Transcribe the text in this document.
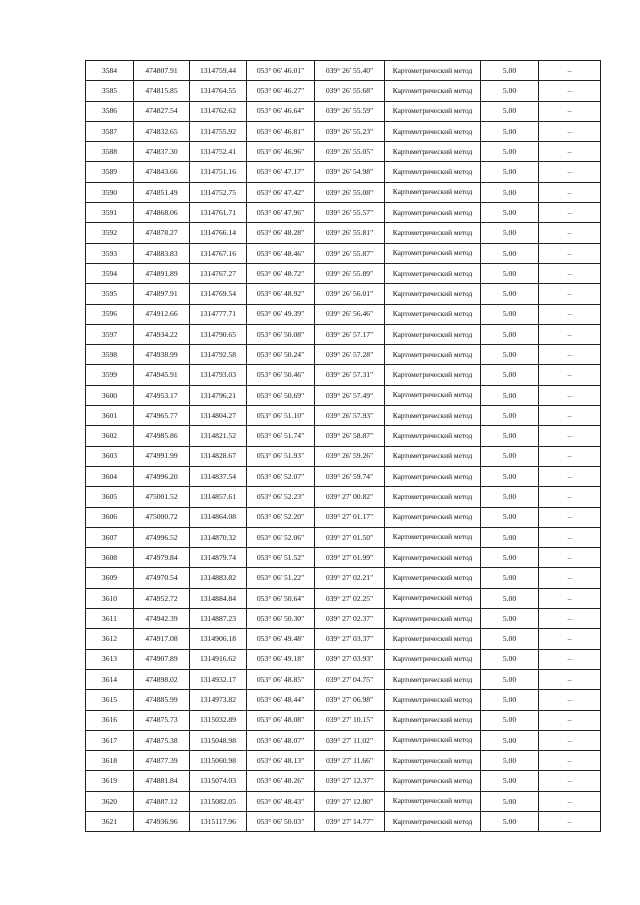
3584	474807.91	1314759.44	053° 06' 46.01"	039° 26' 55.40"	Картометрический метод	5.00	–
3585	474815.85	1314764.55	053° 06' 46.27"	039° 26' 55.68"	Картометрический метод	5.00	–
3586	474827.54	1314762.62	053° 06' 46.64"	039° 26' 55.59"	Картометрический метод	5.00	–
3587	474832.65	1314755.92	053° 06' 46.81"	039° 26' 55.23"	Картометрический метод	5.00	–
3588	474837.30	1314752.41	053° 06' 46.96"	039° 26' 55.05"	Картометрический метод	5.00	–
3589	474843.66	1314751.16	053° 06' 47.17"	039° 26' 54.98"	Картометрический метод	5.00	–
3590	474851.49	1314752.75	053° 06' 47.42"	039° 26' 55.08"	Картометрический метод	5.00	–
3591	474868.06	1314761.71	053° 06' 47.96"	039° 26' 55.57"	Картометрический метод	5.00	–
3592	474878.27	1314766.14	053° 06' 48.28"	039° 26' 55.81"	Картометрический метод	5.00	–
3593	474883.83	1314767.16	053° 06' 48.46"	039° 26' 55.87"	Картометрический метод	5.00	–
3594	474891.89	1314767.27	053° 06' 48.72"	039° 26' 55.89"	Картометрический метод	5.00	–
3595	474897.91	1314769.54	053° 06' 48.92"	039° 26' 56.01"	Картометрический метод	5.00	–
3596	474912.66	1314777.71	053° 06' 49.39"	039° 26' 56.46"	Картометрический метод	5.00	–
3597	474934.22	1314790.65	053° 06' 50.08"	039° 26' 57.17"	Картометрический метод	5.00	–
3598	474938.99	1314792.58	053° 06' 50.24"	039° 26' 57.28"	Картометрический метод	5.00	–
3599	474945.91	1314793.03	053° 06' 50.46"	039° 26' 57.31"	Картометрический метод	5.00	–
3600	474953.17	1314796.21	053° 06' 50.69"	039° 26' 57.49"	Картометрический метод	5.00	–
3601	474965.77	1314804.27	053° 06' 51.10"	039° 26' 57.93"	Картометрический метод	5.00	–
3602	474985.86	1314821.52	053° 06' 51.74"	039° 26' 58.87"	Картометрический метод	5.00	–
3603	474991.99	1314828.67	053° 06' 51.93"	039° 26' 59.26"	Картометрический метод	5.00	–
3604	474996.20	1314837.54	053° 06' 52.07"	039° 26' 59.74"	Картометрический метод	5.00	–
3605	475001.52	1314857.61	053° 06' 52.23"	039° 27' 00.82"	Картометрический метод	5.00	–
3606	475000.72	1314864.08	053° 06' 52.20"	039° 27' 01.17"	Картометрический метод	5.00	–
3607	474996.52	1314870.32	053° 06' 52.06"	039° 27' 01.50"	Картометрический метод	5.00	–
3608	474979.84	1314879.74	053° 06' 51.52"	039° 27' 01.99"	Картометрический метод	5.00	–
3609	474970.54	1314883.82	053° 06' 51.22"	039° 27' 02.21"	Картометрический метод	5.00	–
3610	474952.72	1314884.84	053° 06' 50.64"	039° 27' 02.25"	Картометрический метод	5.00	–
3611	474942.39	1314887.23	053° 06' 50.30"	039° 27' 02.37"	Картометрический метод	5.00	–
3612	474917.08	1314906.18	053° 06' 49.48"	039° 27' 03.37"	Картометрический метод	5.00	–
3613	474907.89	1314916.62	053° 06' 49.18"	039° 27' 03.93"	Картометрический метод	5.00	–
3614	474898.02	1314932.17	053° 06' 48.85"	039° 27' 04.75"	Картометрический метод	5.00	–
3615	474885.99	1314973.82	053° 06' 48.44"	039° 27' 06.98"	Картометрический метод	5.00	–
3616	474875.73	1315032.89	053° 06' 48.08"	039° 27' 10.15"	Картометрический метод	5.00	–
3617	474875.38	1315048.98	053° 06' 48.07"	039° 27' 11.02"	Картометрический метод	5.00	–
3618	474877.39	1315060.98	053° 06' 48.13"	039° 27' 11.66"	Картометрический метод	5.00	–
3619	474881.84	1315074.03	053° 06' 48.26"	039° 27' 12.37"	Картометрический метод	5.00	–
3620	474887.12	1315082.05	053° 06' 48.43"	039° 27' 12.80"	Картометрический метод	5.00	–
3621	474936.96	1315117.96	053° 06' 50.03"	039° 27' 14.77"	Картометрический метод	5.00	–
